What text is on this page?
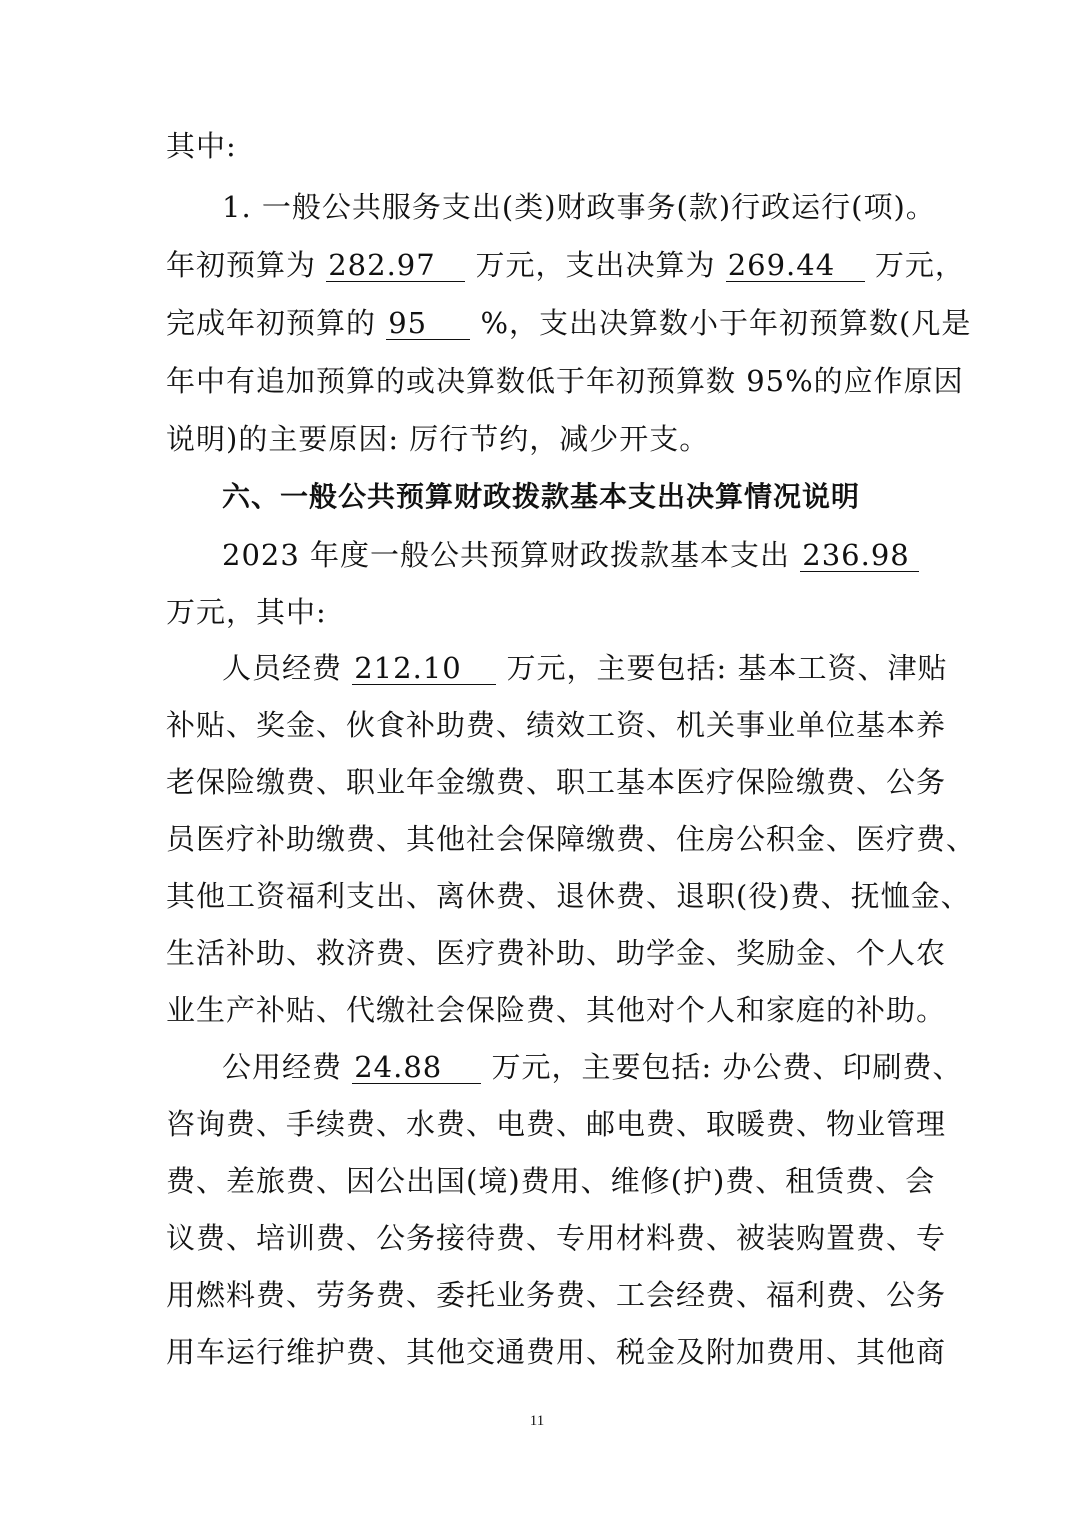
其中:
1. 一般公共服务支出(类)财政事务(款)行政运行(项)。
年初预算为 282.97 万元，支出决算为 269.44 万元，
完成年初预算的 95 %，支出决算数小于年初预算数(凡是
年中有追加预算的或决算数低于年初预算数 95%的应作原因
说明)的主要原因: 厉行节约，减少开支。
六、一般公共预算财政拨款基本支出决算情况说明
2023 年度一般公共预算财政拨款基本支出 236.98
万元，其中:
人员经费 212.10 万元，主要包括: 基本工资、津贴
补贴、奖金、伙食补助费、绩效工资、机关事业单位基本养
老保险缴费、职业年金缴费、职工基本医疗保险缴费、公务
员医疗补助缴费、其他社会保障缴费、住房公积金、医疗费、
其他工资福利支出、离休费、退休费、退职(役)费、抚恤金、
生活补助、救济费、医疗费补助、助学金、奖励金、个人农
业生产补贴、代缴社会保险费、其他对个人和家庭的补助。
公用经费 24.88 万元，主要包括: 办公费、印刷费、
咨询费、手续费、水费、电费、邮电费、取暖费、物业管理
费、差旅费、因公出国(境)费用、维修(护)费、租赁费、会
议费、培训费、公务接待费、专用材料费、被装购置费、专
用燃料费、劳务费、委托业务费、工会经费、福利费、公务
用车运行维护费、其他交通费用、税金及附加费用、其他商
11
